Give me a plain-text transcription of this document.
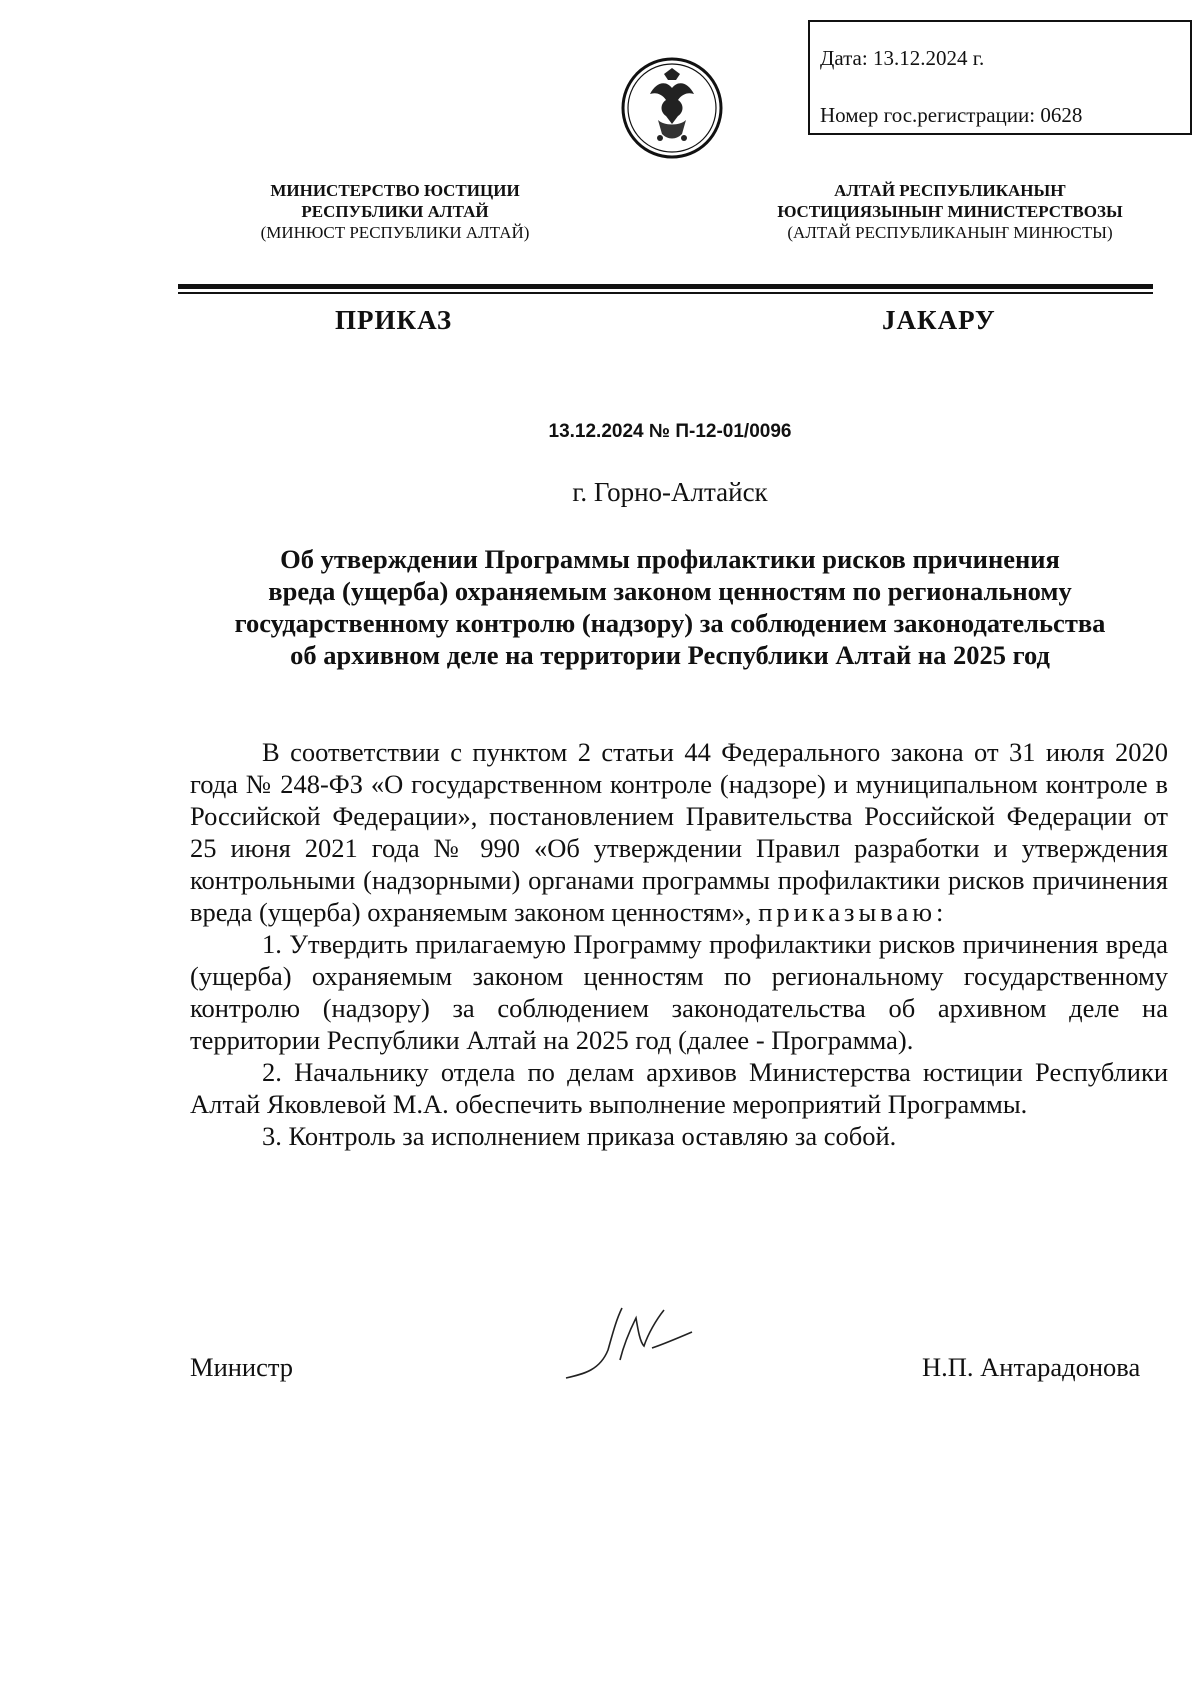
Дата: 13.12.2024 г.
Номер гос.регистрации: 0628
МИНИСТЕРСТВО ЮСТИЦИИ
РЕСПУБЛИКИ АЛТАЙ
(МИНЮСТ РЕСПУБЛИКИ АЛТАЙ)
АЛТАЙ РЕСПУБЛИКАНЫҤ
ЮСТИЦИЯЗЫНЫҤ МИНИСТЕРСТВОЗЫ
(АЛТАЙ РЕСПУБЛИКАНЫҤ МИНЮСТЫ)
ПРИКАЗ	JАКАРУ
13.12.2024 № П-12-01/0096
г. Горно-Алтайск
Об утверждении Программы профилактики рисков причинения
вреда (ущерба) охраняемым законом ценностям по региональному
государственному контролю (надзору) за соблюдением законодательства
об архивном деле на территории Республики Алтай на 2025 год

В соответствии с пунктом 2 статьи 44 Федерального закона от 31 июля 2020 года № 248-ФЗ «О государственном контроле (надзоре) и муниципальном контроле в Российской Федерации», постановлением Правительства Российской Федерации от 25 июня 2021 года № 990 «Об утверждении Правил разработки и утверждения контрольными (надзорными) органами программы профилактики рисков причинения вреда (ущерба) охраняемым законом ценностям», приказываю:

1. Утвердить прилагаемую Программу профилактики рисков причинения вреда (ущерба) охраняемым законом ценностям по региональному государственному контролю (надзору) за соблюдением законодательства об архивном деле на территории Республики Алтай на 2025 год (далее - Программа).

2. Начальнику отдела по делам архивов Министерства юстиции Республики Алтай Яковлевой М.А. обеспечить выполнение мероприятий Программы.

3. Контроль за исполнением приказа оставляю за собой.

Министр	Н.П. Антарадонова
